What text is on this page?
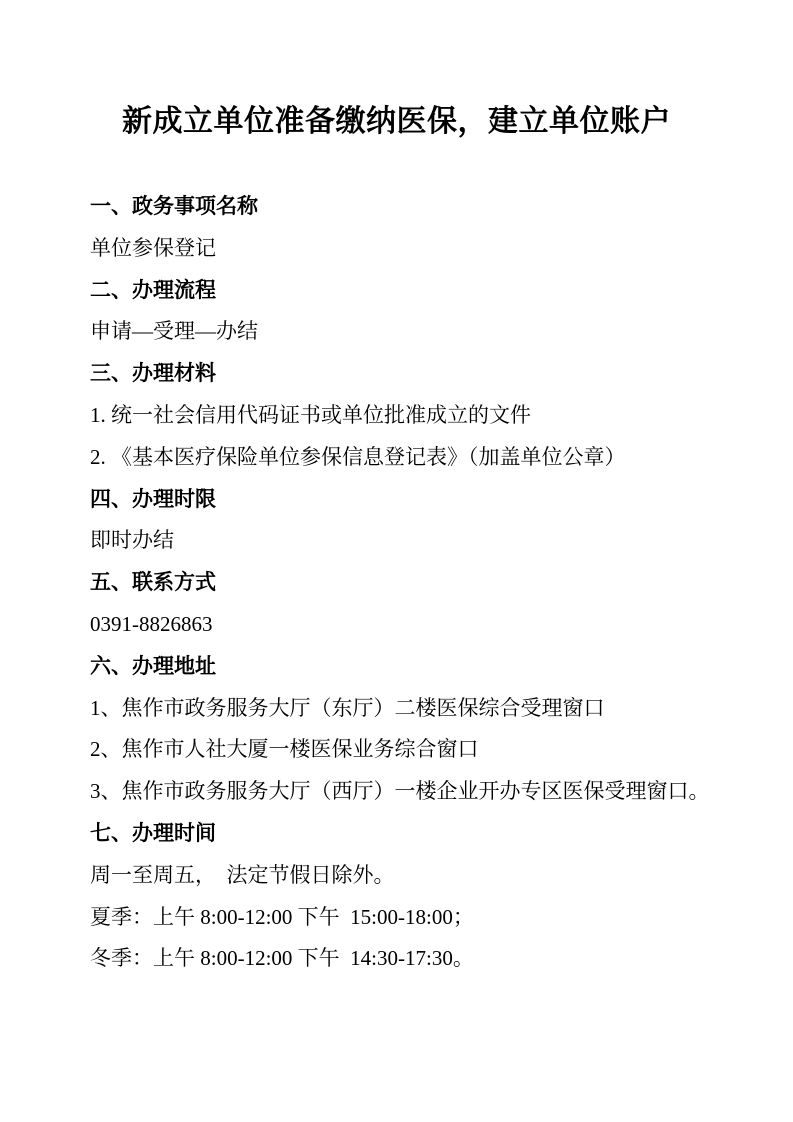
新成立单位准备缴纳医保，建立单位账户

一、政务事项名称

单位参保登记

二、办理流程

申请—受理—办结

三、办理材料

1. 统一社会信用代码证书或单位批准成立的文件

2. 《基本医疗保险单位参保信息登记表》（加盖单位公章）

四、办理时限

即时办结

五、联系方式

0391-8826863

六、办理地址

1、焦作市政务服务大厅（东厅）二楼医保综合受理窗口

2、焦作市人社大厦一楼医保业务综合窗口

3、焦作市政务服务大厅（西厅）一楼企业开办专区医保受理窗口。

七、办理时间

周一至周五，　法定节假日除外。

夏季：上午 8:00-12:00 下午  15:00-18:00；

冬季：上午 8:00-12:00 下午  14:30-17:30。
